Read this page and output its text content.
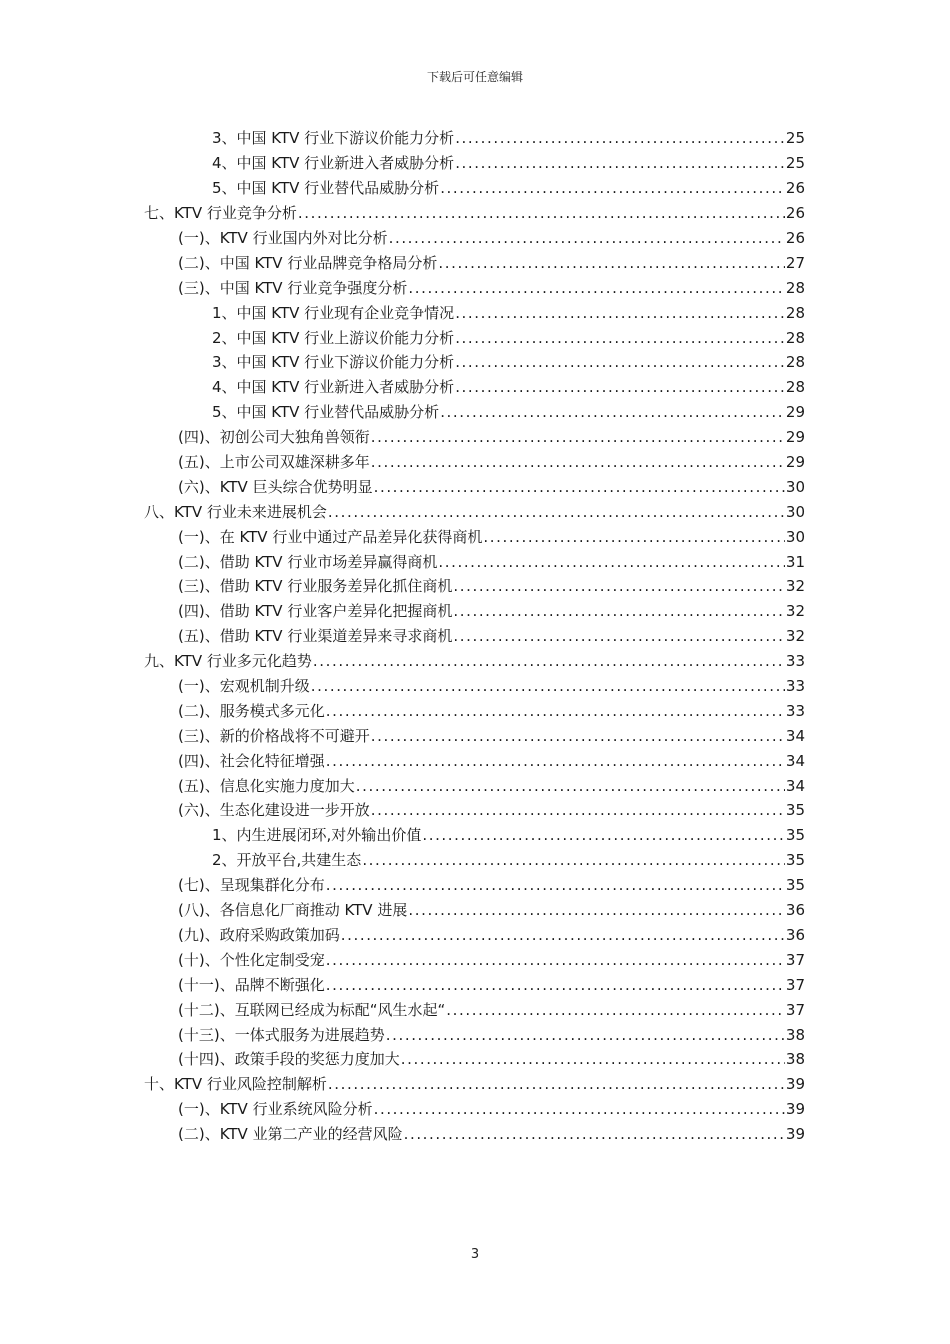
下载后可任意编辑
3、中国 KTV 行业下游议价能力分析 .....	25
4、中国 KTV 行业新进入者威胁分析 .....	25
5、中国 KTV 行业替代品威胁分析 .....	26
七、KTV 行业竞争分析 .....	26
(一)、KTV 行业国内外对比分析 .....	26
(二)、中国 KTV 行业品牌竞争格局分析 .....	27
(三)、中国 KTV 行业竞争强度分析 .....	28
1、中国 KTV 行业现有企业竞争情况 .....	28
2、中国 KTV 行业上游议价能力分析 .....	28
3、中国 KTV 行业下游议价能力分析 .....	28
4、中国 KTV 行业新进入者威胁分析 .....	28
5、中国 KTV 行业替代品威胁分析 .....	29
(四)、初创公司大独角兽领衔 .....	29
(五)、上市公司双雄深耕多年 .....	29
(六)、KTV 巨头综合优势明显 .....	30
八、KTV 行业未来进展机会 .....	30
(一)、在 KTV 行业中通过产品差异化获得商机 .....	30
(二)、借助 KTV 行业市场差异赢得商机 .....	31
(三)、借助 KTV 行业服务差异化抓住商机 .....	32
(四)、借助 KTV 行业客户差异化把握商机 .....	32
(五)、借助 KTV 行业渠道差异来寻求商机 .....	32
九、KTV 行业多元化趋势 .....	33
(一)、宏观机制升级 .....	33
(二)、服务模式多元化 .....	33
(三)、新的价格战将不可避开 .....	34
(四)、社会化特征增强 .....	34
(五)、信息化实施力度加大 .....	34
(六)、生态化建设进一步开放 .....	35
1、内生进展闭环,对外输出价值 .....	35
2、开放平台,共建生态 .....	35
(七)、呈现集群化分布 .....	35
(八)、各信息化厂商推动 KTV 进展 .....	36
(九)、政府采购政策加码 .....	36
(十)、个性化定制受宠 .....	37
(十一)、品牌不断强化 .....	37
(十二)、互联网已经成为标配“风生水起“ .....	37
(十三)、一体式服务为进展趋势 .....	38
(十四)、政策手段的奖惩力度加大 .....	38
十、KTV 行业风险控制解析 .....	39
(一)、KTV 行业系统风险分析 .....	39
(二)、KTV 业第二产业的经营风险 .....	39
3
